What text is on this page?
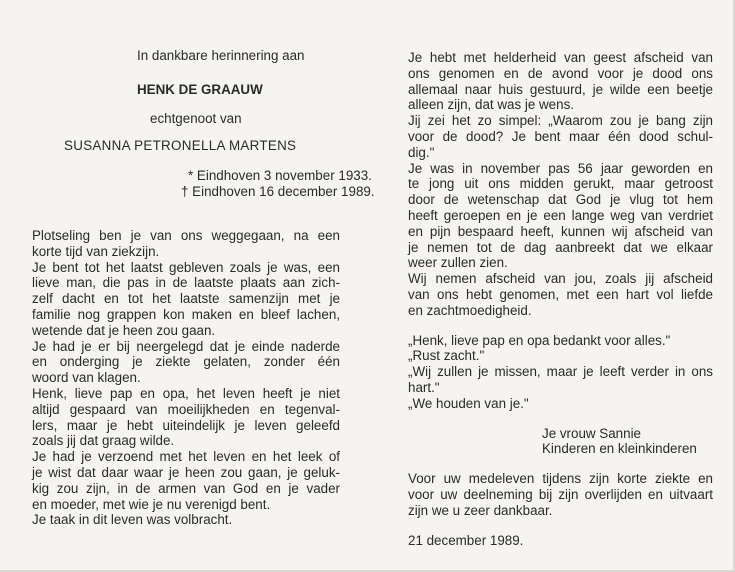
In dankbare herinnering aan
HENK DE GRAAUW
echtgenoot van
SUSANNA PETRONELLA MARTENS
* Eindhoven 3 november 1933.
† Eindhoven 16 december 1989.
Plotseling ben je van ons weggegaan, na een
korte tijd van ziekzijn.
Je bent tot het laatst gebleven zoals je was, een
lieve man, die pas in de laatste plaats aan zich-
zelf dacht en tot het laatste samenzijn met je
familie nog grappen kon maken en bleef lachen,
wetende dat je heen zou gaan.
Je had je er bij neergelegd dat je einde naderde
en onderging je ziekte gelaten, zonder één
woord van klagen.
Henk, lieve pap en opa, het leven heeft je niet
altijd gespaard van moeilijkheden en tegenval-
lers, maar je hebt uiteindelijk je leven geleefd
zoals jij dat graag wilde.
Je had je verzoend met het leven en het leek of
je wist dat daar waar je heen zou gaan, je geluk-
kig zou zijn, in de armen van God en je vader
en moeder, met wie je nu verenigd bent.
Je taak in dit leven was volbracht.
Je hebt met helderheid van geest afscheid van
ons genomen en de avond voor je dood ons
allemaal naar huis gestuurd, je wilde een beetje
alleen zijn, dat was je wens.
Jij zei het zo simpel: „Waarom zou je bang zijn
voor de dood? Je bent maar één dood schul-
dig."
Je was in november pas 56 jaar geworden en
te jong uit ons midden gerukt, maar getroost
door de wetenschap dat God je vlug tot hem
heeft geroepen en je een lange weg van verdriet
en pijn bespaard heeft, kunnen wij afscheid van
je nemen tot de dag aanbreekt dat we elkaar
weer zullen zien.
Wij nemen afscheid van jou, zoals jij afscheid
van ons hebt genomen, met een hart vol liefde
en zachtmoedigheid.
„Henk, lieve pap en opa bedankt voor alles."
„Rust zacht."
„Wij zullen je missen, maar je leeft verder in ons
hart."
„We houden van je."
Je vrouw Sannie
Kinderen en kleinkinderen
Voor uw medeleven tijdens zijn korte ziekte en
voor uw deelneming bij zijn overlijden en uitvaart
zijn we u zeer dankbaar.
21 december 1989.
